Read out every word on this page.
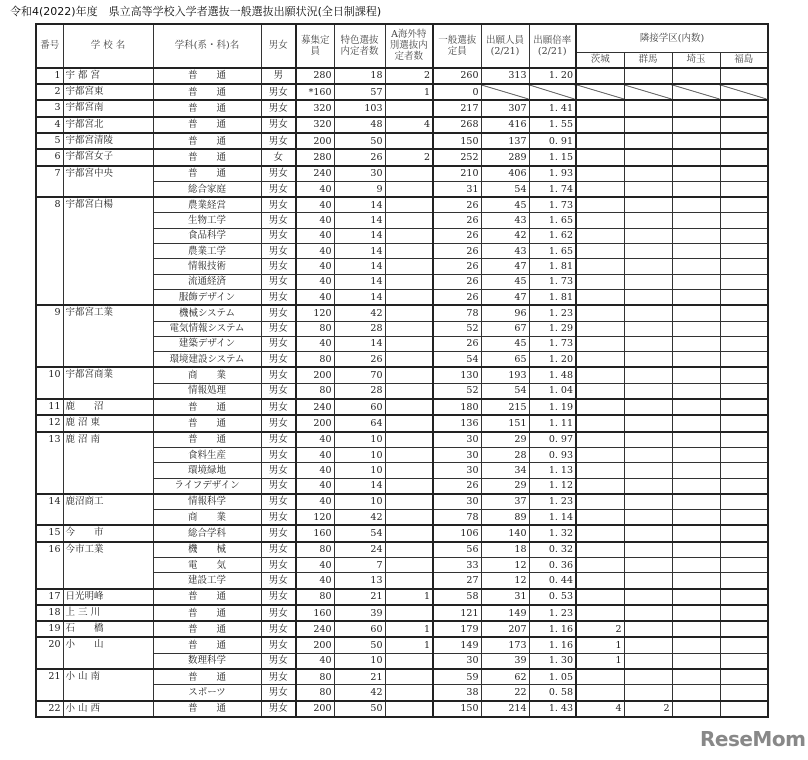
令和4(2022)年度　県立高等学校入学者選抜一般選抜出願状況(全日制課程)
番号	学 校 名	学科(系・科)名	男女	募集定員	特色選抜内定者数	A海外特別選抜内定者数	一般選抜定員	出願人員(2/21)	出願倍率(2/21)	隣接学区(内数)			
										茨城	群馬	埼玉	福島
1	宇 都 宮	普　　通	男	280	18	2	260	313	1. 20				
2	宇都宮東	普　　通	男女	*160	57	1	0						
3	宇都宮南	普　　通	男女	320	103		217	307	1. 41				
4	宇都宮北	普　　通	男女	320	48	4	268	416	1. 55				
5	宇都宮清陵	普　　通	男女	200	50		150	137	0. 91				
6	宇都宮女子	普　　通	女	280	26	2	252	289	1. 15				
7	宇都宮中央	普　　通	男女	240	30		210	406	1. 93				
		総合家庭	男女	40	9		31	54	1. 74				
8	宇都宮白楊	農業経営	男女	40	14		26	45	1. 73				
		生物工学	男女	40	14		26	43	1. 65				
		食品科学	男女	40	14		26	42	1. 62				
		農業工学	男女	40	14		26	43	1. 65				
		情報技術	男女	40	14		26	47	1. 81				
		流通経済	男女	40	14		26	45	1. 73				
		服飾デザイン	男女	40	14		26	47	1. 81				
9	宇都宮工業	機械システム	男女	120	42		78	96	1. 23				
		電気情報システム	男女	80	28		52	67	1. 29				
		建築デザイン	男女	40	14		26	45	1. 73				
		環境建設システム	男女	80	26		54	65	1. 20				
10	宇都宮商業	商　　業	男女	200	70		130	193	1. 48				
		情報処理	男女	80	28		52	54	1. 04				
11	鹿　　沼	普　　通	男女	240	60		180	215	1. 19				
12	鹿 沼 東	普　　通	男女	200	64		136	151	1. 11				
13	鹿 沼 南	普　　通	男女	40	10		30	29	0. 97				
		食料生産	男女	40	10		30	28	0. 93				
		環境緑地	男女	40	10		30	34	1. 13				
		ライフデザイン	男女	40	14		26	29	1. 12				
14	鹿沼商工	情報科学	男女	40	10		30	37	1. 23				
		商　　業	男女	120	42		78	89	1. 14				
15	今　　市	総合学科	男女	160	54		106	140	1. 32				
16	今市工業	機　　械	男女	80	24		56	18	0. 32				
		電　　気	男女	40	7		33	12	0. 36				
		建設工学	男女	40	13		27	12	0. 44				
17	日光明峰	普　　通	男女	80	21	1	58	31	0. 53				
18	上 三 川	普　　通	男女	160	39		121	149	1. 23				
19	石　　橋	普　　通	男女	240	60	1	179	207	1. 16	2			
20	小　　山	普　　通	男女	200	50	1	149	173	1. 16	1			
		数理科学	男女	40	10		30	39	1. 30	1			
21	小 山 南	普　　通	男女	80	21		59	62	1. 05				
		スポーツ	男女	80	42		38	22	0. 58				
22	小 山 西	普　　通	男女	200	50		150	214	1. 43	4	2		
ReseMom
